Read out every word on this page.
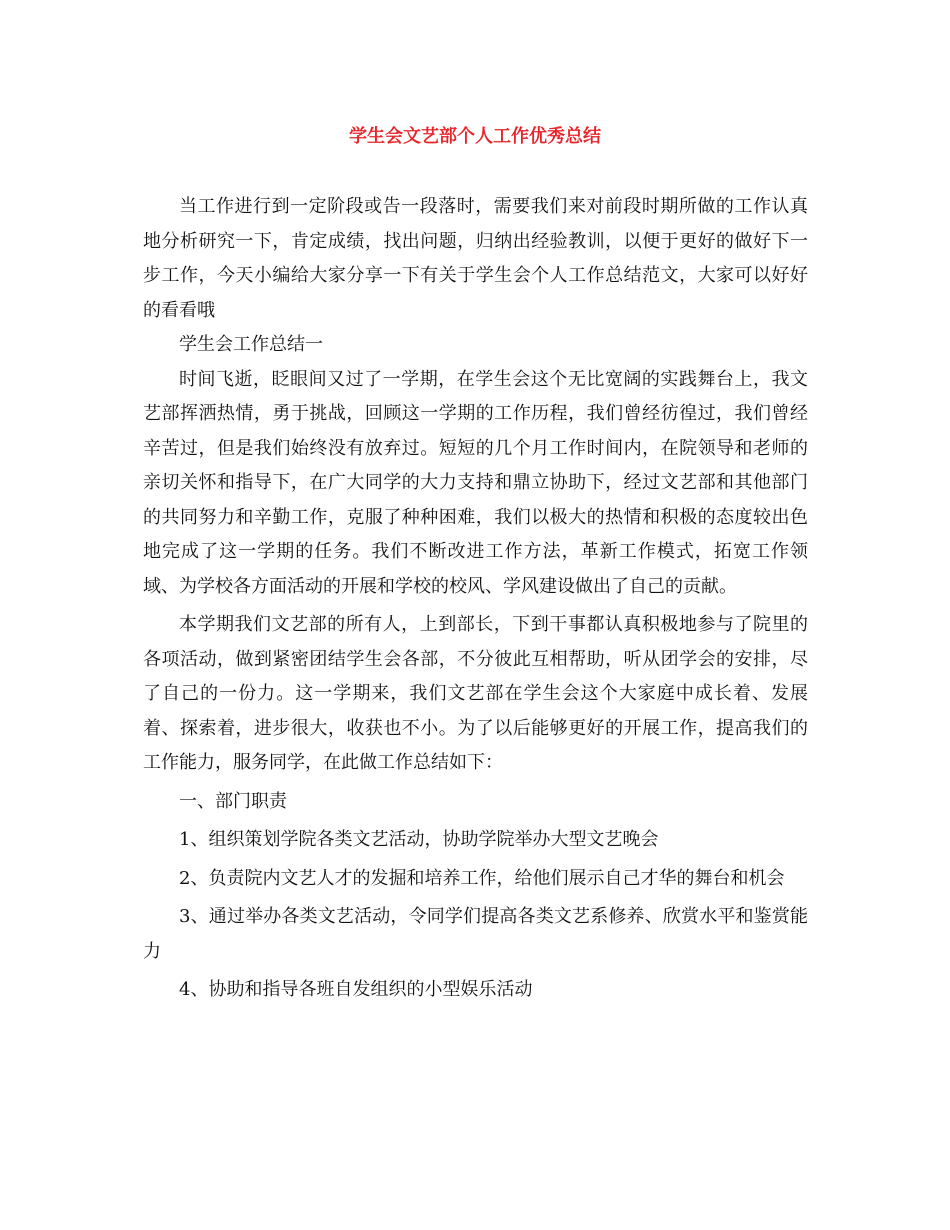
学生会文艺部个人工作优秀总结

当工作进行到一定阶段或告一段落时，需要我们来对前段时期所做的工作认真地分析研究一下，肯定成绩，找出问题，归纳出经验教训，以便于更好的做好下一步工作，今天小编给大家分享一下有关于学生会个人工作总结范文，大家可以好好的看看哦

学生会工作总结一

时间飞逝，眨眼间又过了一学期，在学生会这个无比宽阔的实践舞台上，我文艺部挥洒热情，勇于挑战，回顾这一学期的工作历程，我们曾经彷徨过，我们曾经辛苦过，但是我们始终没有放弃过。短短的几个月工作时间内，在院领导和老师的亲切关怀和指导下，在广大同学的大力支持和鼎立协助下，经过文艺部和其他部门的共同努力和辛勤工作，克服了种种困难，我们以极大的热情和积极的态度较出色地完成了这一学期的任务。我们不断改进工作方法，革新工作模式，拓宽工作领域、为学校各方面活动的开展和学校的校风、学风建设做出了自己的贡献。

本学期我们文艺部的所有人，上到部长，下到干事都认真积极地参与了院里的各项活动，做到紧密团结学生会各部，不分彼此互相帮助，听从团学会的安排，尽了自己的一份力。这一学期来，我们文艺部在学生会这个大家庭中成长着、发展着、探索着，进步很大，收获也不小。为了以后能够更好的开展工作，提高我们的工作能力，服务同学，在此做工作总结如下：

一、部门职责

1、组织策划学院各类文艺活动，协助学院举办大型文艺晚会

2、负责院内文艺人才的发掘和培养工作，给他们展示自己才华的舞台和机会

3、通过举办各类文艺活动，令同学们提高各类文艺系修养、欣赏水平和鉴赏能力

4、协助和指导各班自发组织的小型娱乐活动
